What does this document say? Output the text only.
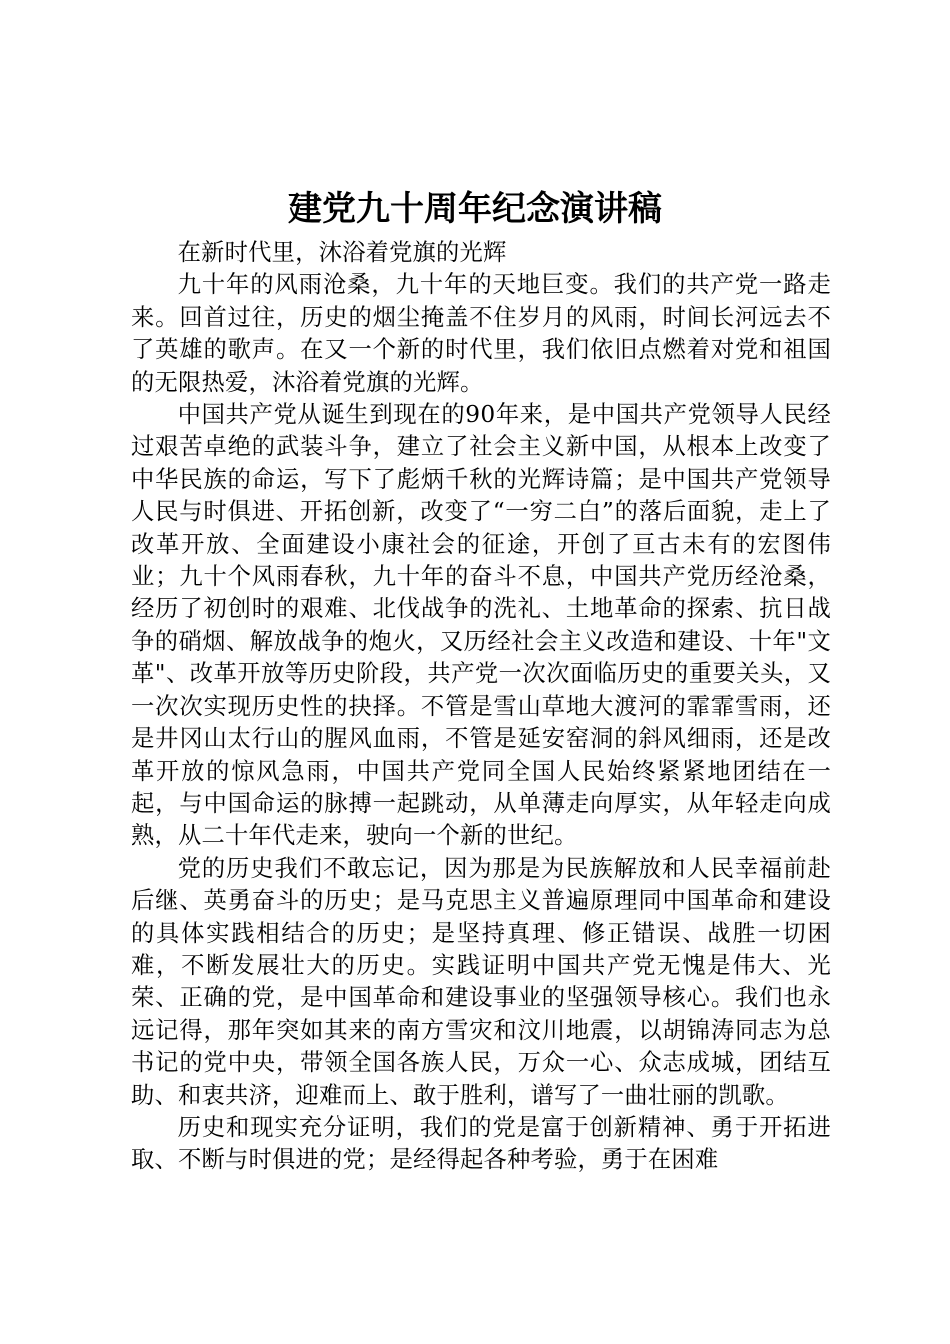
建党九十周年纪念演讲稿

在新时代里，沐浴着党旗的光辉

九十年的风雨沧桑，九十年的天地巨变。我们的共产党一路走来。回首过往，历史的烟尘掩盖不住岁月的风雨，时间长河远去不了英雄的歌声。在又一个新的时代里，我们依旧点燃着对党和祖国的无限热爱，沐浴着党旗的光辉。

中国共产党从诞生到现在的90年来，是中国共产党领导人民经过艰苦卓绝的武装斗争，建立了社会主义新中国，从根本上改变了中华民族的命运，写下了彪炳千秋的光辉诗篇；是中国共产党领导人民与时俱进、开拓创新，改变了“一穷二白”的落后面貌，走上了改革开放、全面建设小康社会的征途，开创了亘古未有的宏图伟业；九十个风雨春秋，九十年的奋斗不息，中国共产党历经沧桑，经历了初创时的艰难、北伐战争的洗礼、土地革命的探索、抗日战争的硝烟、解放战争的炮火，又历经社会主义改造和建设、十年"文革"、改革开放等历史阶段，共产党一次次面临历史的重要关头，又一次次实现历史性的抉择。不管是雪山草地大渡河的霏霏雪雨，还是井冈山太行山的腥风血雨，不管是延安窑洞的斜风细雨，还是改革开放的惊风急雨，中国共产党同全国人民始终紧紧地团结在一起，与中国命运的脉搏一起跳动，从单薄走向厚实，从年轻走向成熟，从二十年代走来，驶向一个新的世纪。

党的历史我们不敢忘记，因为那是为民族解放和人民幸福前赴后继、英勇奋斗的历史；是马克思主义普遍原理同中国革命和建设的具体实践相结合的历史；是坚持真理、修正错误、战胜一切困难，不断发展壮大的历史。实践证明中国共产党无愧是伟大、光荣、正确的党，是中国革命和建设事业的坚强领导核心。我们也永远记得，那年突如其来的南方雪灾和汶川地震，以胡锦涛同志为总书记的党中央，带领全国各族人民，万众一心、众志成城，团结互助、和衷共济，迎难而上、敢于胜利，谱写了一曲壮丽的凯歌。

历史和现实充分证明，我们的党是富于创新精神、勇于开拓进取、不断与时俱进的党；是经得起各种考验，勇于在困难
